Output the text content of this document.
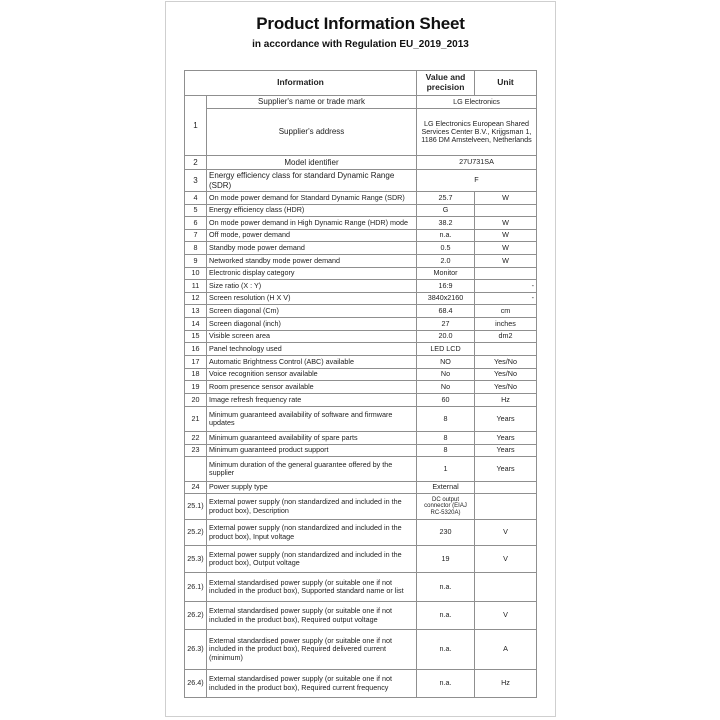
Product Information Sheet
in accordance with Regulation EU_2019_2013
Information		Value and precision	Unit
1	Supplier's name or trade mark	LG Electronics	
	Supplier's address	LG Electronics European Shared Services Center B.V., Krijgsman 1, 1186 DM Amstelveen, Netherlands	
2	Model identifier	27U731SA	
3	Energy efficiency class for standard Dynamic Range (SDR)	F	
4	On mode power demand for Standard Dynamic Range (SDR)	25.7	W
5	Energy efficiency class (HDR)	G	
6	On mode power demand in High Dynamic Range (HDR) mode	38.2	W
7	Off mode, power demand	n.a.	W
8	Standby mode power demand	0.5	W
9	Networked standby mode power demand	2.0	W
10	Electronic display category	Monitor	
11	Size ratio (X : Y)	16:9	-
12	Screen resolution (H X V)	3840x2160	-
13	Screen diagonal (Cm)	68.4	cm
14	Screen diagonal (inch)	27	inches
15	Visible screen area	20.0	dm2
16	Panel technology used	LED LCD	
17	Automatic Brightness Control (ABC) available	NO	Yes/No
18	Voice recognition sensor available	No	Yes/No
19	Room presence sensor available	No	Yes/No
20	Image refresh frequency rate	60	Hz
21	Minimum guaranteed availability of software and firmware updates	8	Years
22	Minimum guaranteed availability of spare parts	8	Years
23	Minimum guaranteed product support	8	Years
	Minimum duration of the general guarantee offered by the supplier	1	Years
24	Power supply type	External	
25.1)	External power supply (non standardized and included in the product box), Description	DC output connector (EIAJ RC-5320A)	
25.2)	External power supply (non standardized and included in the product box), Input voltage	230	V
25.3)	External power supply (non standardized and included in the product box), Output voltage	19	V
26.1)	External standardised power supply (or suitable one if not included in the product box), Supported standard name or list	n.a.	
26.2)	External standardised power supply (or suitable one if not included in the product box), Required output voltage	n.a.	V
26.3)	External standardised power supply (or suitable one if not included in the product box), Required delivered current (minimum)	n.a.	A
26.4)	External standardised power supply (or suitable one if not included in the product box), Required current frequency	n.a.	Hz
